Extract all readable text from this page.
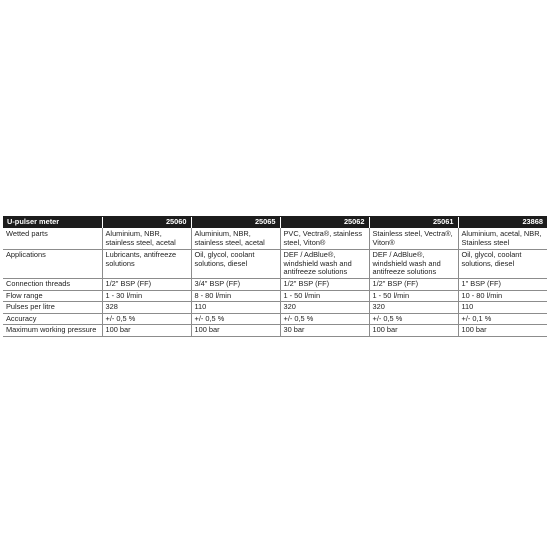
U-pulser meter	25060	25065	25062	25061	23868
Wetted parts	Aluminium, NBR, stainless steel, acetal	Aluminium, NBR, stainless steel, acetal	PVC, Vectra®, stainless steel, Viton®	Stainless steel, Vectra®, Viton®	Aluminium, acetal, NBR, Stainless steel
Applications	Lubricants, antifreeze solutions	Oil, glycol, coolant solutions, diesel	DEF / AdBlue®, windshield wash and antifreeze solutions	DEF / AdBlue®, windshield wash and antifreeze solutions	Oil, glycol, coolant solutions, diesel
Connection threads	1/2" BSP (FF)	3/4" BSP (FF)	1/2" BSP (FF)	1/2" BSP (FF)	1" BSP (FF)
Flow range	1 - 30 l/min	8 - 80 l/min	1 - 50 l/min	1 - 50 l/min	10 - 80 l/min
Pulses per litre	328	110	320	320	110
Accuracy	+/- 0,5 %	+/- 0,5 %	+/- 0,5 %	+/- 0,5 %	+/- 0,1 %
Maximum working pressure	100 bar	100 bar	30 bar	100 bar	100 bar
